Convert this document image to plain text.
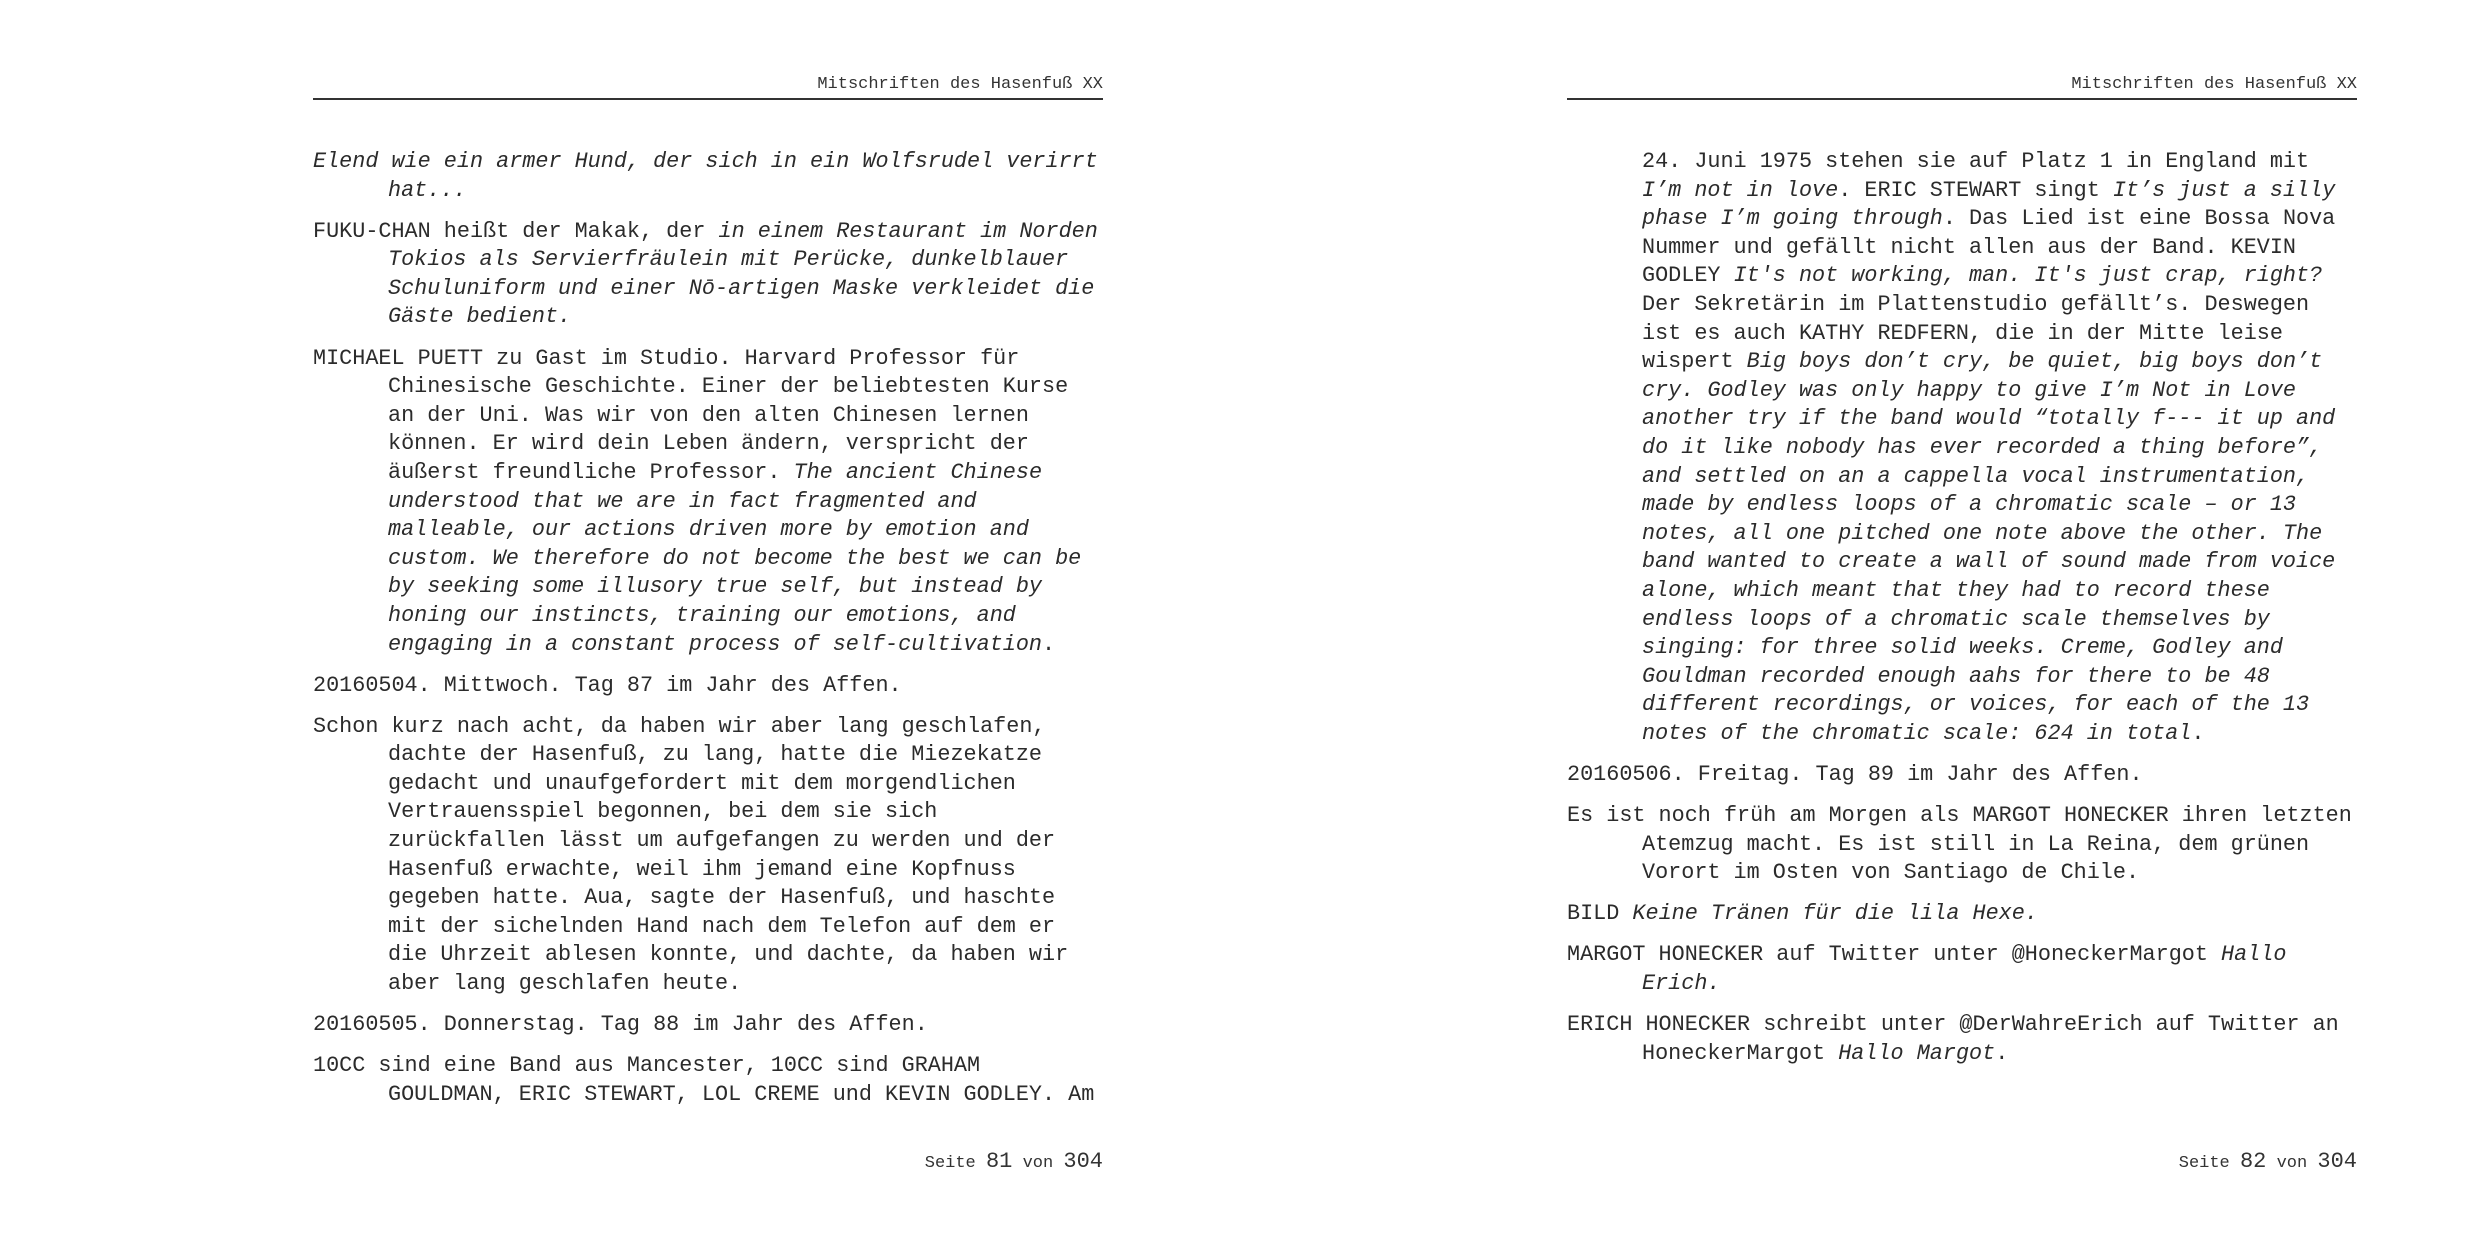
Mitschriften des Hasenfuß XX

Elend wie ein armer Hund, der sich in ein Wolfsrudel verirrt hat...

FUKU-CHAN heißt der Makak, der in einem Restaurant im Norden Tokios als Servierfräulein mit Perücke, dunkelblauer Schuluniform und einer Nō-artigen Maske verkleidet die Gäste bedient.

MICHAEL PUETT zu Gast im Studio. Harvard Professor für Chinesische Geschichte. Einer der beliebtesten Kurse an der Uni. Was wir von den alten Chinesen lernen können. Er wird dein Leben ändern, verspricht der äußerst freundliche Professor. The ancient Chinese understood that we are in fact fragmented and malleable, our actions driven more by emotion and custom. We therefore do not become the best we can be by seeking some illusory true self, but instead by honing our instincts, training our emotions, and engaging in a constant process of self-cultivation.

20160504. Mittwoch. Tag 87 im Jahr des Affen.

Schon kurz nach acht, da haben wir aber lang geschlafen, dachte der Hasenfuß, zu lang, hatte die Miezekatze gedacht und unaufgefordert mit dem morgendlichen Vertrauensspiel begonnen, bei dem sie sich zurückfallen lässt um aufgefangen zu werden und der Hasenfuß erwachte, weil ihm jemand eine Kopfnuss gegeben hatte. Aua, sagte der Hasenfuß, und haschte mit der sichelnden Hand nach dem Telefon auf dem er die Uhrzeit ablesen konnte, und dachte, da haben wir aber lang geschlafen heute.

20160505. Donnerstag. Tag 88 im Jahr des Affen.

10CC sind eine Band aus Mancester, 10CC sind GRAHAM GOULDMAN, ERIC STEWART, LOL CREME und KEVIN GODLEY. Am

Seite 81 von 304
Mitschriften des Hasenfuß XX

24. Juni 1975 stehen sie auf Platz 1 in England mit I’m not in love. ERIC STEWART singt It’s just a silly phase I’m going through. Das Lied ist eine Bossa Nova Nummer und gefällt nicht allen aus der Band. KEVIN GODLEY It's not working, man. It's just crap, right? Der Sekretärin im Plattenstudio gefällt’s. Deswegen ist es auch KATHY REDFERN, die in der Mitte leise wispert Big boys don’t cry, be quiet, big boys don’t cry. Godley was only happy to give I’m Not in Love another try if the band would “totally f--- it up and do it like nobody has ever recorded a thing before”, and settled on an a cappella vocal instrumentation, made by endless loops of a chromatic scale – or 13 notes, all one pitched one note above the other. The band wanted to create a wall of sound made from voice alone, which meant that they had to record these endless loops of a chromatic scale themselves by singing: for three solid weeks. Creme, Godley and Gouldman recorded enough aahs for there to be 48 different recordings, or voices, for each of the 13 notes of the chromatic scale: 624 in total.

20160506. Freitag. Tag 89 im Jahr des Affen.

Es ist noch früh am Morgen als MARGOT HONECKER ihren letzten Atemzug macht. Es ist still in La Reina, dem grünen Vorort im Osten von Santiago de Chile.

BILD Keine Tränen für die lila Hexe.

MARGOT HONECKER auf Twitter unter @HoneckerMargot Hallo Erich.

ERICH HONECKER schreibt unter @DerWahreErich auf Twitter an HoneckerMargot Hallo Margot.

Seite 82 von 304
